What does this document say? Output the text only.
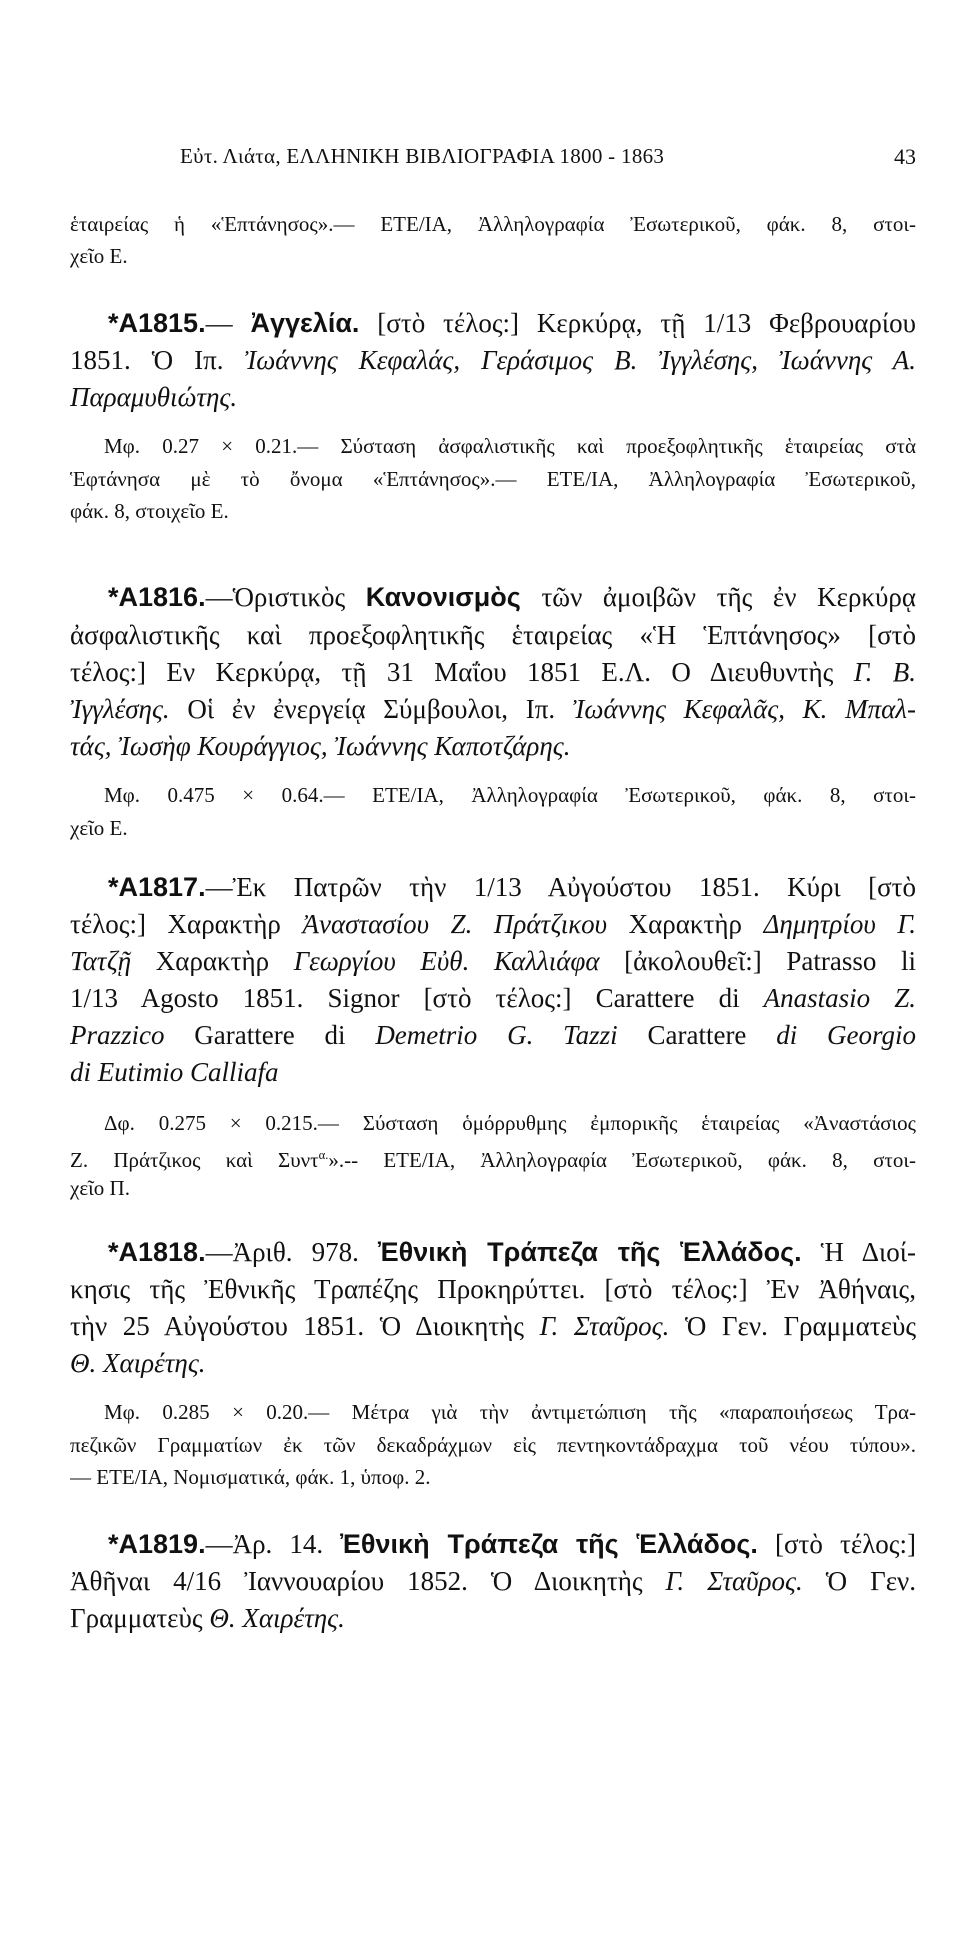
Εὐτ. Λιάτα, ΕΛΛΗΝΙΚΗ ΒΙΒΛΙΟΓΡΑΦΙΑ 1800 - 1863	43
ἑταιρείας ἡ «Ἑπτάνησος».— ΕΤΕ/ΙΑ, Ἀλληλογραφία Ἐσωτερικοῦ, φάκ. 8, στοι-
χεῖο Ε.
*Α1815.— Ἀγγελία. [στὸ τέλος:] Κερκύρᾳ, τῇ 1/13 Φεβρουαρίου
1851. Ὁ Ιπ. Ἰωάννης Κεφαλάς, Γεράσιμος Β. Ἰγγλέσης, Ἰωάννης Α.
Παραμυθιώτης.
Μφ. 0.27 × 0.21.— Σύσταση ἀσφαλιστικῆς καὶ προεξοφλητικῆς ἑταιρείας στὰ
Ἑφτάνησα μὲ τὸ ὄνομα «Ἑπτάνησος».— ΕΤΕ/ΙΑ, Ἀλληλογραφία Ἐσωτερικοῦ,
φάκ. 8, στοιχεῖο Ε.
*Α1816.—Ὁριστικὸς Κανονισμὸς τῶν ἀμοιβῶν τῆς ἐν Κερκύρᾳ
ἀσφαλιστικῆς καὶ προεξοφλητικῆς ἑταιρείας «Ἡ Ἑπτάνησος» [στὸ
τέλος:] Εν Κερκύρᾳ, τῇ 31 Μαΐου 1851 Ε.Λ. Ο Διευθυντὴς Γ. Β.
Ἰγγλέσης. Οἱ ἐν ἐνεργείᾳ Σύμβουλοι, Ιπ. Ἰωάννης Κεφαλᾶς, Κ. Μπαλ-
τάς, Ἰωσὴφ Κουράγγιος, Ἰωάννης Καποτζάρης.
Μφ. 0.475 × 0.64.— ΕΤΕ/ΙΑ, Ἀλληλογραφία Ἐσωτερικοῦ, φάκ. 8, στοι-
χεῖο Ε.
*Α1817.—Ἐκ Πατρῶν τὴν 1/13 Αὐγούστου 1851. Κύρι [στὸ
τέλος:] Χαρακτὴρ Ἀναστασίου Ζ. Πράτζικου Χαρακτὴρ Δημητρίου Γ.
Τατζῇ Χαρακτὴρ Γεωργίου Εὐθ. Καλλιάφα [ἀκολουθεῖ:] Patrasso li
1/13 Agosto 1851. Signor [στὸ τέλος:] Carattere di Anastasio Z.
Prazzico Garattere di Demetrio G. Tazzi Carattere di Georgio
di Eutimio Calliafa
Δφ. 0.275 × 0.215.— Σύσταση ὁμόρρυθμης ἐμπορικῆς ἑταιρείας «Ἀναστάσιος
Ζ. Πράτζικος καὶ Συντ$^{\alpha.}$».-- ΕΤΕ/ΙΑ, Ἀλληλογραφία Ἐσωτερικοῦ, φάκ. 8, στοι-
χεῖο Π.
*Α1818.—Ἀριθ. 978. Ἐθνικὴ Τράπεζα τῆς Ἑλλάδος. Ἡ Διοί-
κησις τῆς Ἐθνικῆς Τραπέζης Προκηρύττει. [στὸ τέλος:] Ἐν Ἀθήναις,
τὴν 25 Αὐγούστου 1851. Ὁ Διοικητὴς Γ. Σταῦρος. Ὁ Γεν. Γραμματεὺς
Θ. Χαιρέτης.
Μφ. 0.285 × 0.20.— Μέτρα γιὰ τὴν ἀντιμετώπιση τῆς «παραποιήσεως Τρα-
πεζικῶν Γραμματίων ἐκ τῶν δεκαδράχμων εἰς πεντηκοντάδραχμα τοῦ νέου τύπου».
— ΕΤΕ/ΙΑ, Νομισματικά, φάκ. 1, ὑποφ. 2.
*Α1819.—Ἀρ. 14. Ἐθνικὴ Τράπεζα τῆς Ἑλλάδος. [στὸ τέλος:]
Ἀθῆναι 4/16 Ἰαννουαρίου 1852. Ὁ Διοικητὴς Γ. Σταῦρος. Ὁ Γεν.
Γραμματεὺς Θ. Χαιρέτης.
